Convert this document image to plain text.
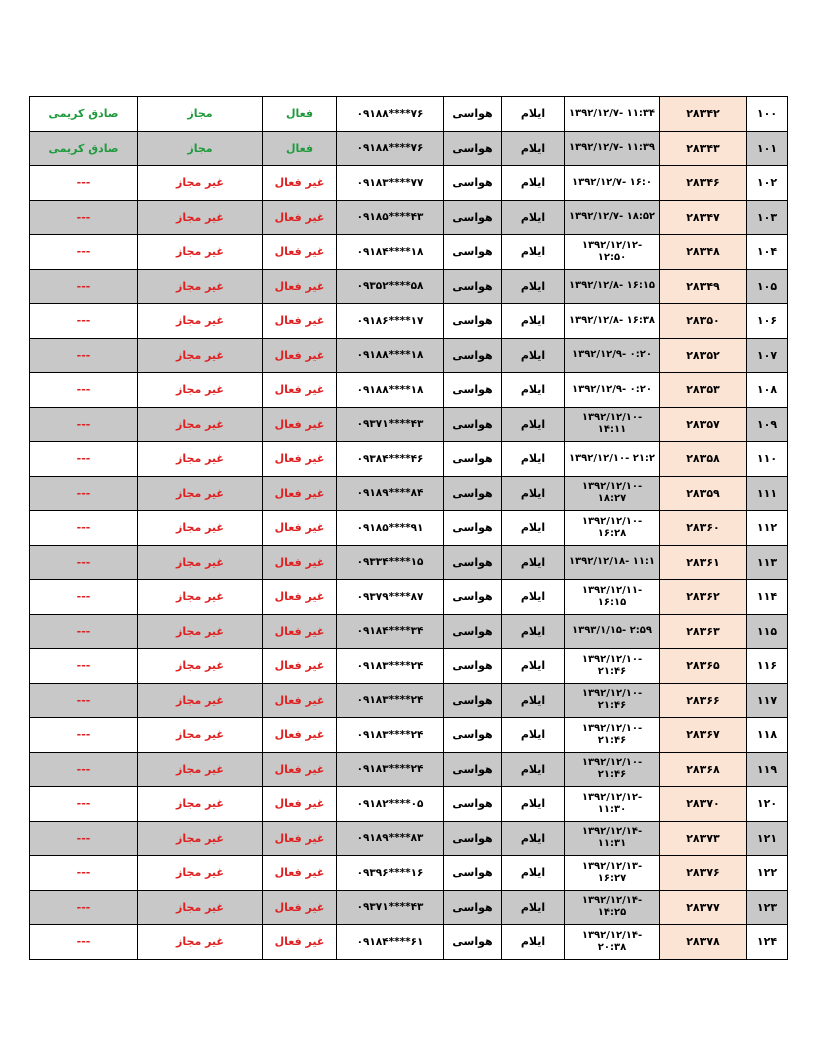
صادق کریمی	مجاز	فعال	۰۹۱۸۸****۷۶	هواسی	ایلام	۱۳۹۲/۱۲/۷- ۱۱:۳۴	۲۸۳۴۲	۱۰۰
صادق کریمی	مجاز	فعال	۰۹۱۸۸****۷۶	هواسی	ایلام	۱۳۹۲/۱۲/۷- ۱۱:۳۹	۲۸۳۴۳	۱۰۱
---	غیر مجاز	غیر فعال	۰۹۱۸۳****۷۷	هواسی	ایلام	۱۳۹۲/۱۲/۷- ۱۶:۰	۲۸۳۴۶	۱۰۲
---	غیر مجاز	غیر فعال	۰۹۱۸۵****۴۳	هواسی	ایلام	۱۳۹۲/۱۲/۷- ۱۸:۵۲	۲۸۳۴۷	۱۰۳
---	غیر مجاز	غیر فعال	۰۹۱۸۴****۱۸	هواسی	ایلام	۱۳۹۲/۱۲/۱۲- ۱۲:۵۰	۲۸۳۴۸	۱۰۴
---	غیر مجاز	غیر فعال	۰۹۳۵۲****۵۸	هواسی	ایلام	۱۳۹۲/۱۲/۸- ۱۶:۱۵	۲۸۳۴۹	۱۰۵
---	غیر مجاز	غیر فعال	۰۹۱۸۶****۱۷	هواسی	ایلام	۱۳۹۲/۱۲/۸- ۱۶:۳۸	۲۸۳۵۰	۱۰۶
---	غیر مجاز	غیر فعال	۰۹۱۸۸****۱۸	هواسی	ایلام	۱۳۹۲/۱۲/۹- ۰:۲۰	۲۸۳۵۲	۱۰۷
---	غیر مجاز	غیر فعال	۰۹۱۸۸****۱۸	هواسی	ایلام	۱۳۹۲/۱۲/۹- ۰:۲۰	۲۸۳۵۳	۱۰۸
---	غیر مجاز	غیر فعال	۰۹۳۷۱****۴۳	هواسی	ایلام	۱۳۹۲/۱۲/۱۰- ۱۴:۱۱	۲۸۳۵۷	۱۰۹
---	غیر مجاز	غیر فعال	۰۹۳۸۴****۴۶	هواسی	ایلام	۱۳۹۲/۱۲/۱۰- ۲۱:۲	۲۸۳۵۸	۱۱۰
---	غیر مجاز	غیر فعال	۰۹۱۸۹****۸۴	هواسی	ایلام	۱۳۹۲/۱۲/۱۰- ۱۸:۲۷	۲۸۳۵۹	۱۱۱
---	غیر مجاز	غیر فعال	۰۹۱۸۵****۹۱	هواسی	ایلام	۱۳۹۲/۱۲/۱۰- ۱۶:۲۸	۲۸۳۶۰	۱۱۲
---	غیر مجاز	غیر فعال	۰۹۳۳۴****۱۵	هواسی	ایلام	۱۳۹۲/۱۲/۱۸- ۱۱:۱	۲۸۳۶۱	۱۱۳
---	غیر مجاز	غیر فعال	۰۹۳۷۹****۸۷	هواسی	ایلام	۱۳۹۲/۱۲/۱۱- ۱۶:۱۵	۲۸۳۶۲	۱۱۴
---	غیر مجاز	غیر فعال	۰۹۱۸۴****۳۴	هواسی	ایلام	۱۳۹۳/۱/۱۵- ۲:۵۹	۲۸۳۶۳	۱۱۵
---	غیر مجاز	غیر فعال	۰۹۱۸۳****۲۴	هواسی	ایلام	۱۳۹۲/۱۲/۱۰- ۲۱:۴۶	۲۸۳۶۵	۱۱۶
---	غیر مجاز	غیر فعال	۰۹۱۸۳****۲۴	هواسی	ایلام	۱۳۹۲/۱۲/۱۰- ۲۱:۴۶	۲۸۳۶۶	۱۱۷
---	غیر مجاز	غیر فعال	۰۹۱۸۳****۲۴	هواسی	ایلام	۱۳۹۲/۱۲/۱۰- ۲۱:۴۶	۲۸۳۶۷	۱۱۸
---	غیر مجاز	غیر فعال	۰۹۱۸۳****۲۴	هواسی	ایلام	۱۳۹۲/۱۲/۱۰- ۲۱:۴۶	۲۸۳۶۸	۱۱۹
---	غیر مجاز	غیر فعال	۰۹۱۸۲****۰۵	هواسی	ایلام	۱۳۹۲/۱۲/۱۲- ۱۱:۳۰	۲۸۳۷۰	۱۲۰
---	غیر مجاز	غیر فعال	۰۹۱۸۹****۸۳	هواسی	ایلام	۱۳۹۲/۱۲/۱۴- ۱۱:۳۱	۲۸۳۷۳	۱۲۱
---	غیر مجاز	غیر فعال	۰۹۳۹۶****۱۶	هواسی	ایلام	۱۳۹۲/۱۲/۱۳- ۱۶:۲۷	۲۸۳۷۶	۱۲۲
---	غیر مجاز	غیر فعال	۰۹۳۷۱****۴۳	هواسی	ایلام	۱۳۹۲/۱۲/۱۴- ۱۴:۲۵	۲۸۳۷۷	۱۲۳
---	غیر مجاز	غیر فعال	۰۹۱۸۴****۶۱	هواسی	ایلام	۱۳۹۲/۱۲/۱۴- ۲۰:۳۸	۲۸۳۷۸	۱۲۴
